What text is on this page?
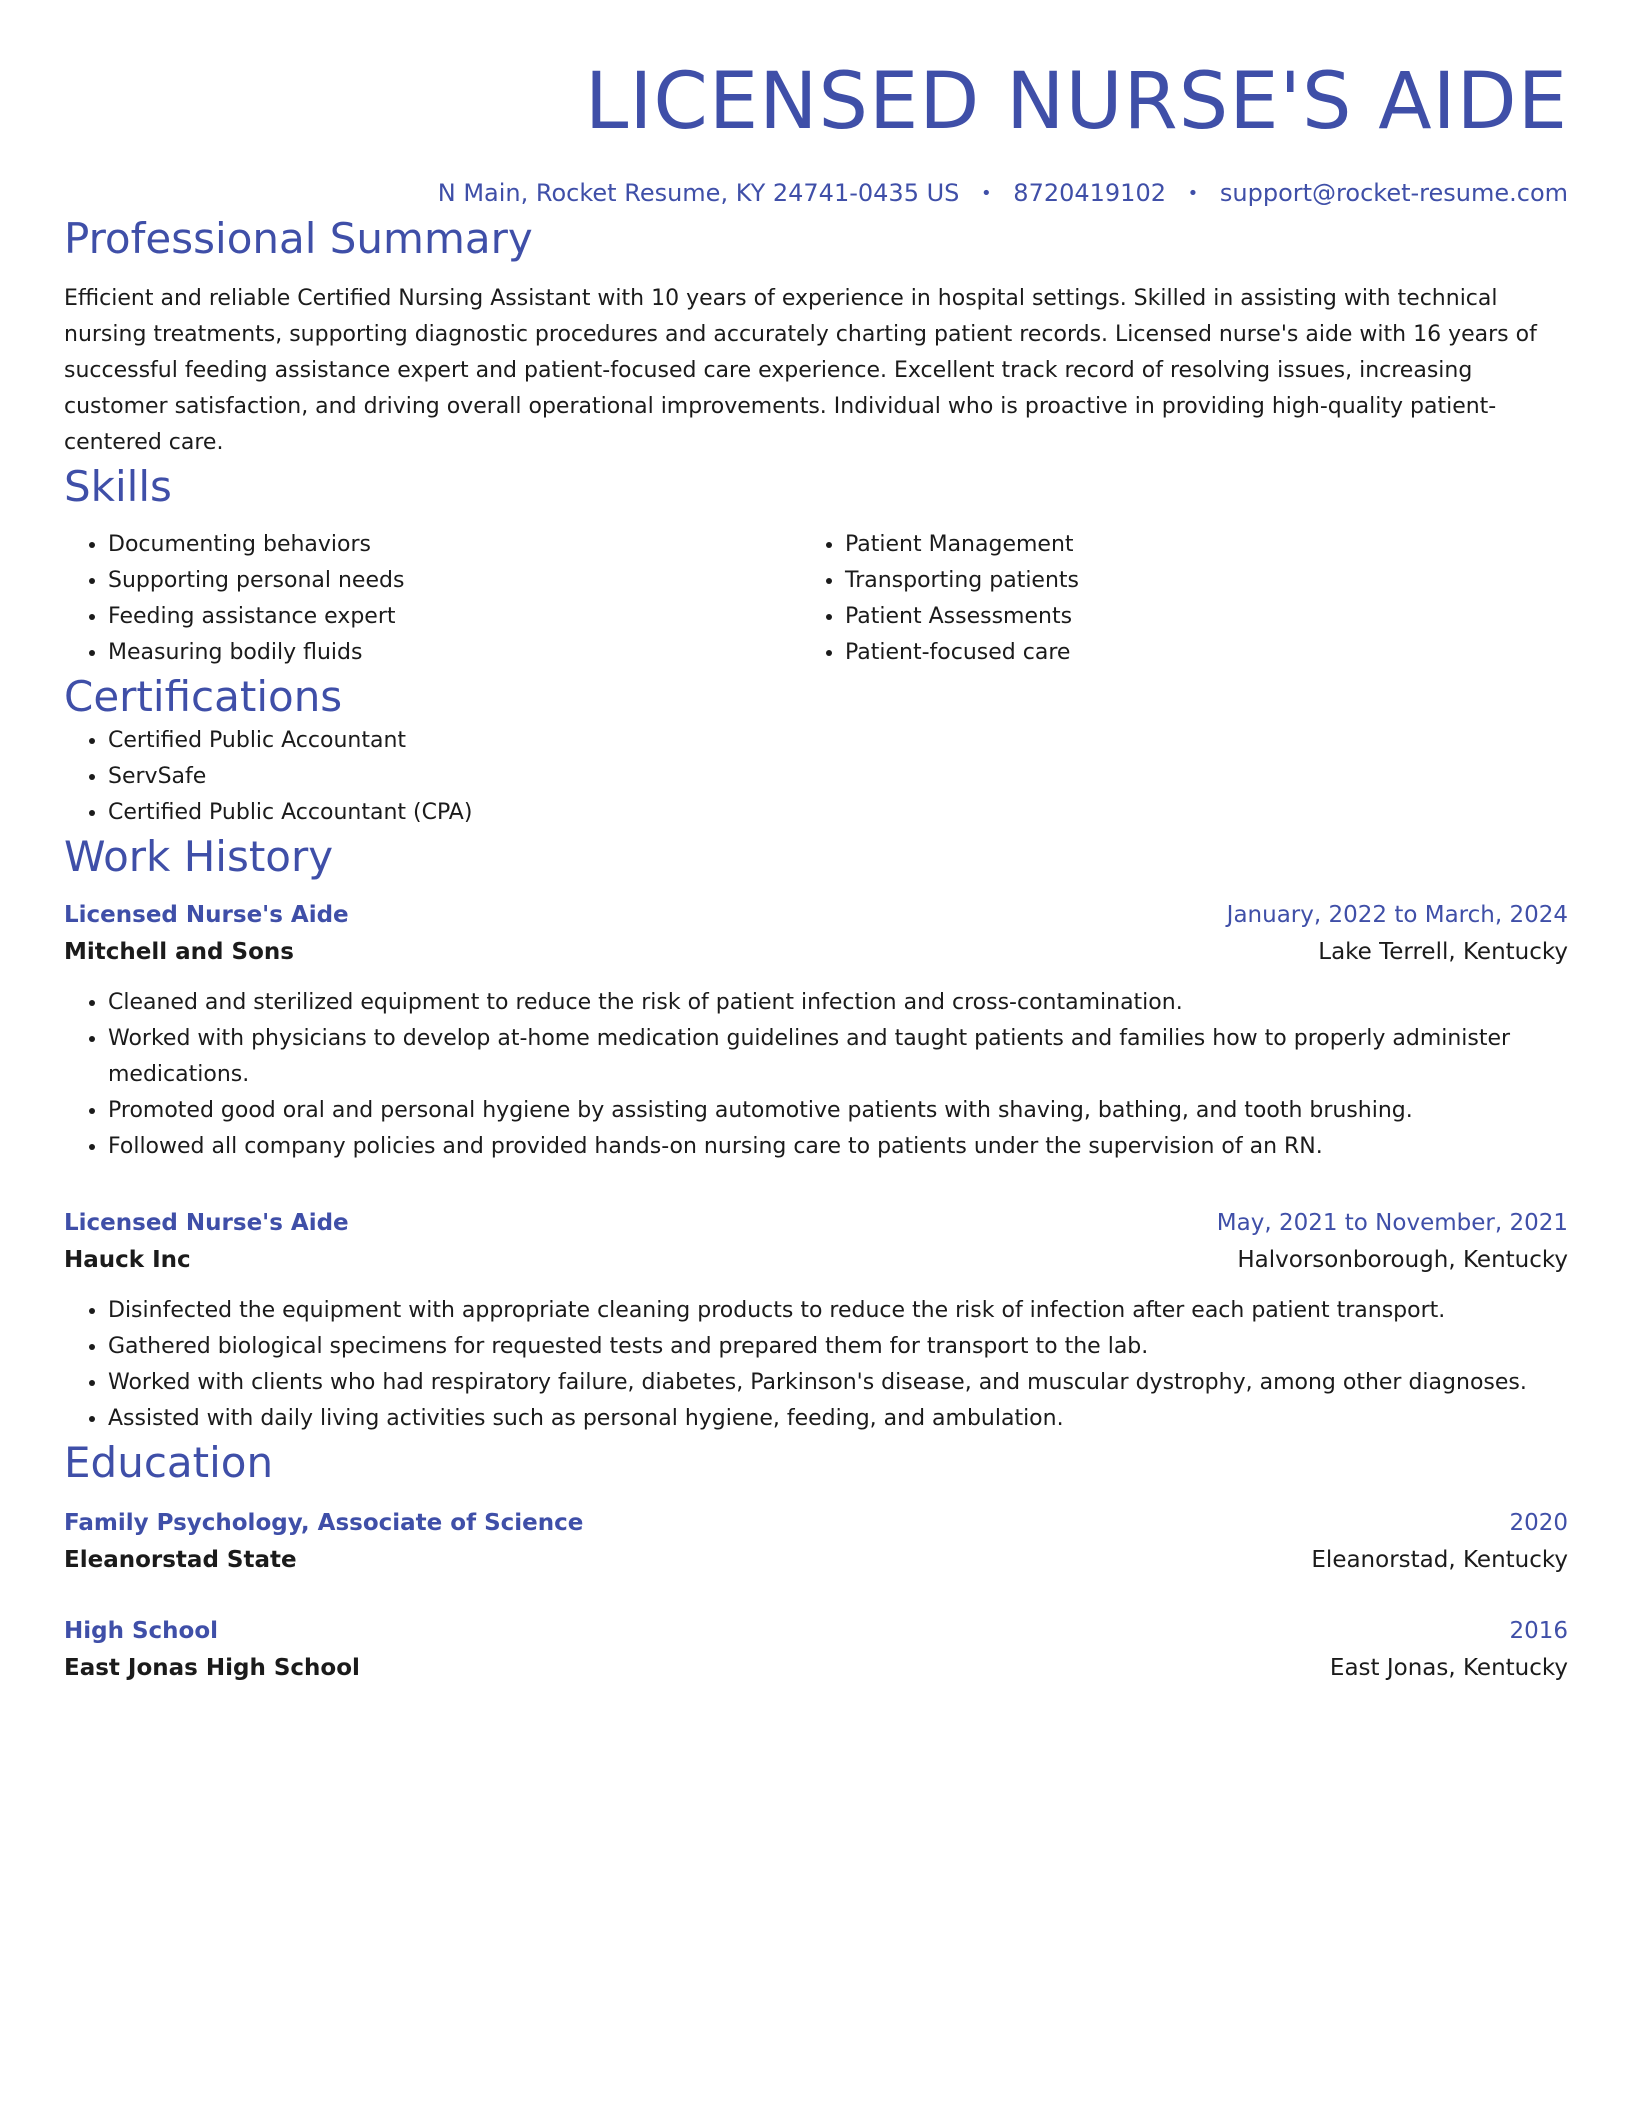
LICENSED NURSE'S AIDE
N Main, Rocket Resume, KY 24741-0435 US • 8720419102 • support@rocket-resume.com
Professional Summary
Efficient and reliable Certified Nursing Assistant with 10 years of experience in hospital settings. Skilled in assisting with technical nursing treatments, supporting diagnostic procedures and accurately charting patient records. Licensed nurse's aide with 16 years of successful feeding assistance expert and patient-focused care experience. Excellent track record of resolving issues, increasing customer satisfaction, and driving overall operational improvements. Individual who is proactive in providing high-quality patient-centered care.
Skills
• Documenting behaviors
• Supporting personal needs
• Feeding assistance expert
• Measuring bodily fluids
• Patient Management
• Transporting patients
• Patient Assessments
• Patient-focused care
Certifications
• Certified Public Accountant
• ServSafe
• Certified Public Accountant (CPA)
Work History
Licensed Nurse's Aide	January, 2022 to March, 2024
Mitchell and Sons	Lake Terrell, Kentucky
• Cleaned and sterilized equipment to reduce the risk of patient infection and cross-contamination.
• Worked with physicians to develop at-home medication guidelines and taught patients and families how to properly administer medications.
• Promoted good oral and personal hygiene by assisting automotive patients with shaving, bathing, and tooth brushing.
• Followed all company policies and provided hands-on nursing care to patients under the supervision of an RN.
Licensed Nurse's Aide	May, 2021 to November, 2021
Hauck Inc	Halvorsonborough, Kentucky
• Disinfected the equipment with appropriate cleaning products to reduce the risk of infection after each patient transport.
• Gathered biological specimens for requested tests and prepared them for transport to the lab.
• Worked with clients who had respiratory failure, diabetes, Parkinson's disease, and muscular dystrophy, among other diagnoses.
• Assisted with daily living activities such as personal hygiene, feeding, and ambulation.
Education
Family Psychology, Associate of Science	2020
Eleanorstad State	Eleanorstad, Kentucky
High School	2016
East Jonas High School	East Jonas, Kentucky
